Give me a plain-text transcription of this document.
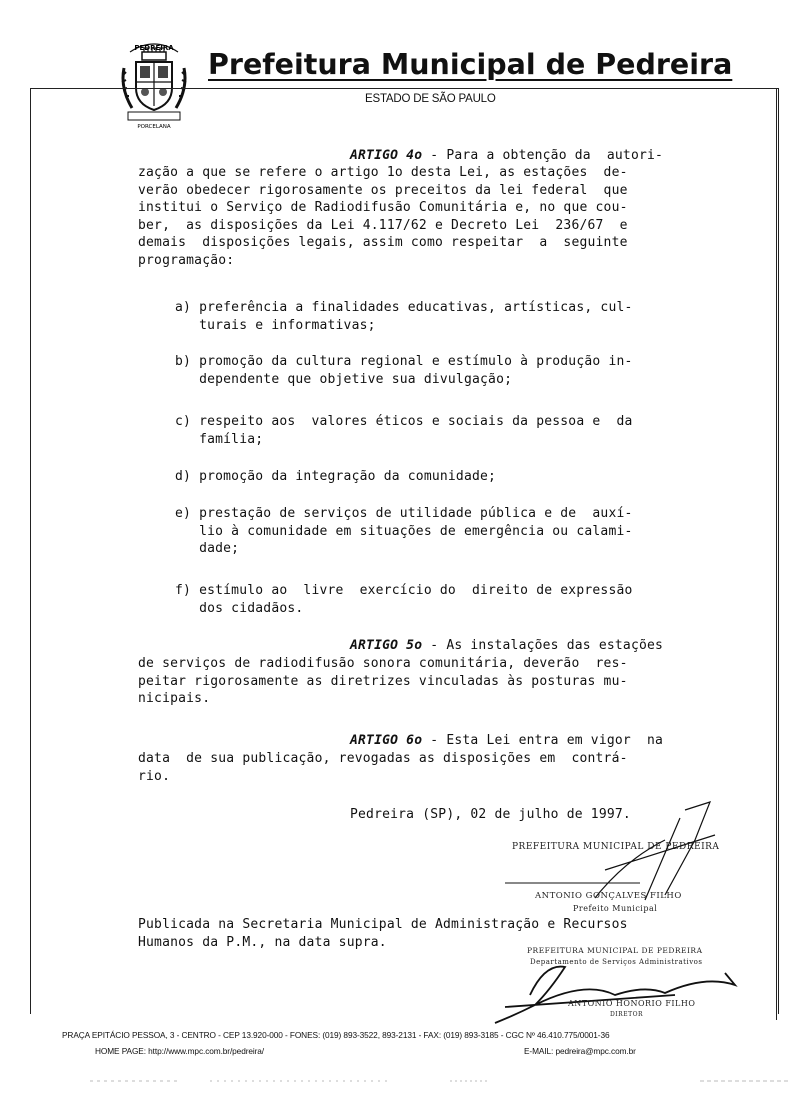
PEDREIRA
PORCELANA
Prefeitura Municipal de Pedreira
ESTADO DE SÃO PAULO
ARTIGO 4o - Para a obtenção da  autori-
zação a que se refere o artigo 1o desta Lei, as estações  de-
verão obedecer rigorosamente os preceitos da lei federal  que
institui o Serviço de Radiodifusão Comunitária e, no que cou-
ber,  as disposições da Lei 4.117/62 e Decreto Lei  236/67  e
demais  disposições legais, assim como respeitar  a  seguinte
programação:
a) preferência a finalidades educativas, artísticas, cul-
turais e informativas;
b) promoção da cultura regional e estímulo à produção in-
dependente que objetive sua divulgação;
c) respeito aos  valores éticos e sociais da pessoa e  da
família;
d) promoção da integração da comunidade;
e) prestação de serviços de utilidade pública e de  auxí-
lio à comunidade em situações de emergência ou calami-
dade;
f) estímulo ao  livre  exercício do  direito de expressão
dos cidadãos.
ARTIGO 5o - As instalações das estações
de serviços de radiodifusão sonora comunitária, deverão  res-
peitar rigorosamente as diretrizes vinculadas às posturas mu-
nicipais.
ARTIGO 6o - Esta Lei entra em vigor  na
data  de sua publicação, revogadas as disposições em  contrá-
rio.
Pedreira (SP), 02 de julho de 1997.
PREFEITURA MUNICIPAL DE PEDREIRA
ANTONIO GONÇALVES FILHO
Prefeito Municipal
Publicada na Secretaria Municipal de Administração e Recursos
Humanos da P.M., na data supra.
PREFEITURA MUNICIPAL DE PEDREIRA
Departamento de Serviços Administrativos
ANTONIO HONORIO FILHO
DIRETOR
PRAÇA EPITÁCIO PESSOA, 3 - CENTRO - CEP 13.920-000 - FONES: (019) 893-3522, 893-2131 - FAX: (019) 893-3185 - CGC Nº 46.410.775/0001-36
HOME PAGE: http://www.mpc.com.br/pedreira/	E-MAIL: pedreira@mpc.com.br
